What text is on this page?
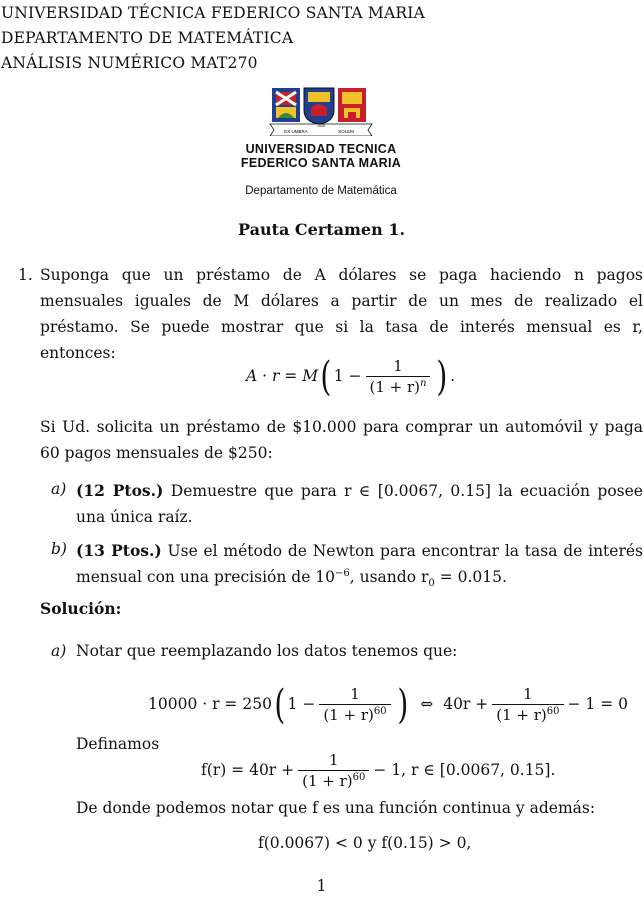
UNIVERSIDAD TÉCNICA FEDERICO SANTA MARIA
DEPARTAMENTO DE MATEMÁTICA
ANÁLISIS NUMÉRICO MAT270
EX UMBRA
1926
SOLEM
UNIVERSIDAD TECNICA
FEDERICO SANTA MARIA
Departamento de Matemática
Pauta Certamen 1.
1. Suponga que un préstamo de A dólares se paga haciendo n pagos mensuales iguales de M dólares a partir de un mes de realizado el préstamo. Se puede mostrar que si la tasa de interés mensual es r, entonces:
A · r = M ( $1 - \frac{1}{(1 + r)^n}$ ) .
Si Ud. solicita un préstamo de $10.000 para comprar un automóvil y paga 60 pagos mensuales de $250:
a) (12 Ptos.) Demuestre que para r ∈ [0.0067, 0.15] la ecuación posee una única raíz.
b) (13 Ptos.) Use el método de Newton para encontrar la tasa de interés mensual con una precisión de $10^{-6}$, usando $r_0 = 0.015$.
Solución:
a) Notar que reemplazando los datos tenemos que:
10000 · r = 250 ( $1 - \frac{1}{(1 + r)^{60}}$ ) ⇔ $40r + \frac{1}{(1 + r)^{60}} - 1 = 0$
Definamos
$f(r) = 40r + \frac{1}{(1 + r)^{60}} - 1$, r ∈ [0.0067, 0.15].
De donde podemos notar que f es una función continua y además:
f(0.0067) < 0 y f(0.15) > 0,
1
